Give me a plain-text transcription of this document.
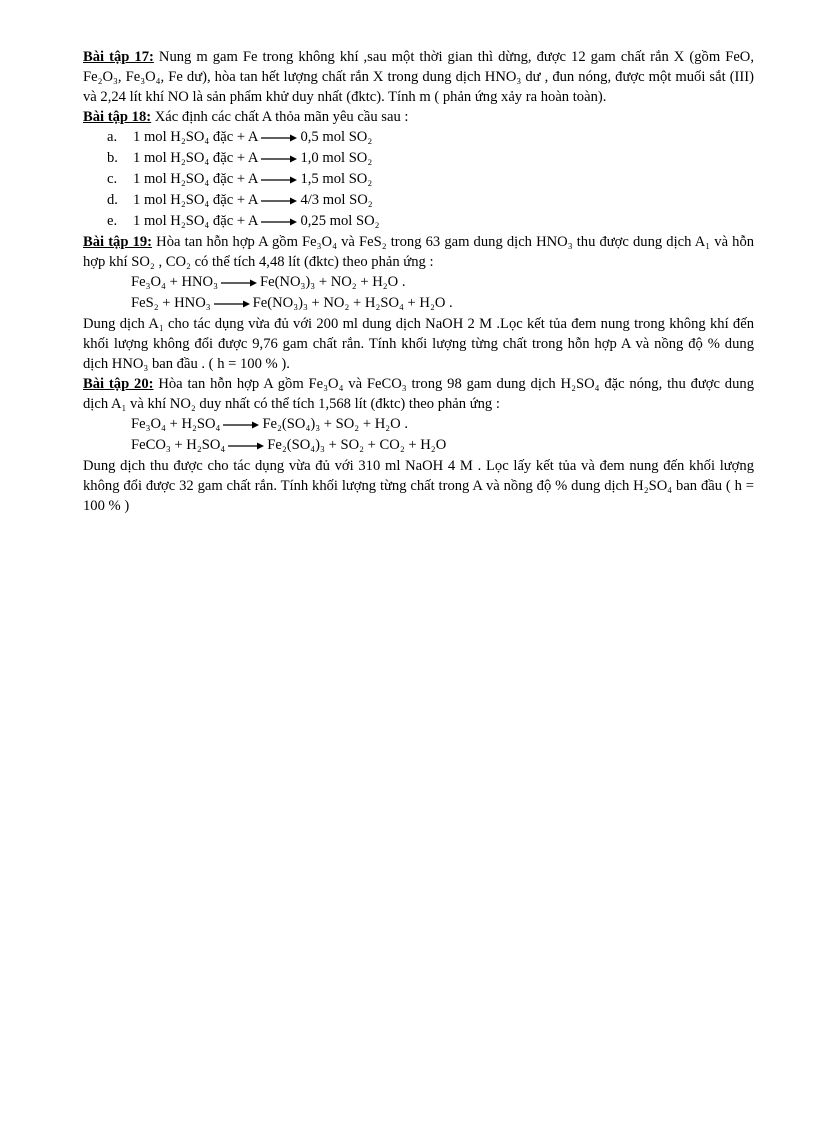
Bài tập 17: Nung m gam Fe trong không khí ,sau một thời gian thì dừng, được 12 gam chất rắn X (gồm FeO, Fe₂O₃, Fe₃O₄, Fe dư), hòa tan hết lượng chất rắn X trong dung dịch HNO₃ dư , đun nóng, được một muối sắt (III) và 2,24 lít khí NO là sản phẩm khử duy nhất (đktc). Tính m ( phản ứng xảy ra hoàn toàn).

Bài tập 18: Xác định các chất A thỏa mãn yêu cầu sau :

a. 1 mol H₂SO₄ đặc + A → 0,5 mol SO₂
b. 1 mol H₂SO₄ đặc + A → 1,0 mol SO₂
c. 1 mol H₂SO₄ đặc + A → 1,5 mol SO₂
d. 1 mol H₂SO₄ đặc + A → 4/3 mol SO₂
e. 1 mol H₂SO₄ đặc + A → 0,25 mol SO₂

Bài tập 19: Hòa tan hỗn hợp A gồm Fe₃O₄ và FeS₂ trong 63 gam dung dịch HNO₃ thu được dung dịch A₁ và hỗn hợp khí SO₂ , CO₂ có thể tích 4,48 lít (đktc) theo phản ứng :

Fe₃O₄ + HNO₃ → Fe(NO₃)₃ + NO₂ + H₂O .
FeS₂ + HNO₃ → Fe(NO₃)₃ + NO₂ + H₂SO₄ + H₂O .

Dung dịch A₁ cho tác dụng vừa đủ với 200 ml dung dịch NaOH 2 M .Lọc kết tủa đem nung trong không khí đến khối lượng không đổi được 9,76 gam chất rắn. Tính khối lượng từng chất trong hỗn hợp A và nồng độ % dung dịch HNO₃ ban đầu . ( h = 100 % ).

Bài tập 20: Hòa tan hỗn hợp A gồm Fe₃O₄ và FeCO₃ trong 98 gam dung dịch H₂SO₄ đặc nóng, thu được dung dịch A₁ và khí NO₂ duy nhất có thể tích 1,568 lít (đktc) theo phản ứng :

Fe₃O₄ + H₂SO₄ → Fe₂(SO₄)₃ + SO₂ + H₂O .
FeCO₃ + H₂SO₄ → Fe₂(SO₄)₃ + SO₂ + CO₂ + H₂O

Dung dịch thu được cho tác dụng vừa đủ với 310 ml NaOH 4 M . Lọc lấy kết tủa và đem nung đến khối lượng không đổi được 32 gam chất rắn. Tính khối lượng từng chất trong A và nồng độ % dung dịch H₂SO₄ ban đầu ( h = 100 % )
